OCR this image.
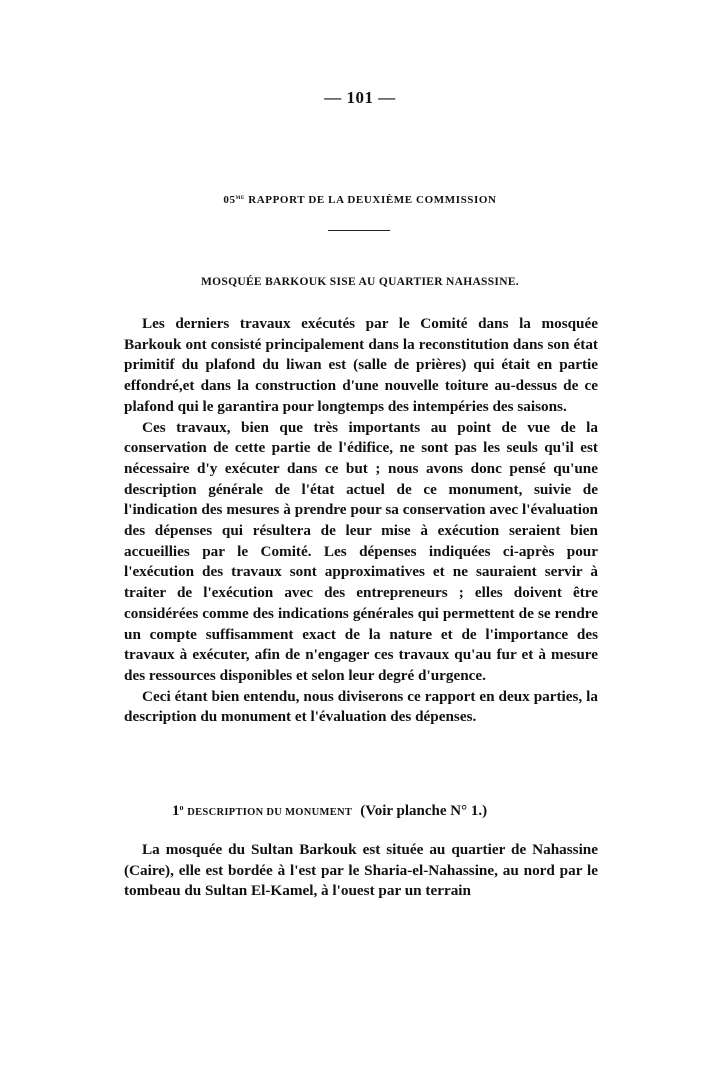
— 101 —
$05^{me}$ RAPPORT DE LA DEUXIÈME COMMISSION
MOSQUÉE BARKOUK SISE AU QUARTIER NAHASSINE.

Les derniers travaux exécutés par le Comité dans la mosquée Barkouk ont consisté principalement dans la reconstitution dans son état primitif du plafond du liwan est (salle de prières) qui était en partie effondré,et dans la construction d'une nouvelle toiture au-dessus de ce plafond qui le garantira pour longtemps des intempéries des saisons.

Ces travaux, bien que très importants au point de vue de la conservation de cette partie de l'édifice, ne sont pas les seuls qu'il est nécessaire d'y exécuter dans ce but ; nous avons donc pensé qu'une description générale de l'état actuel de ce monument, suivie de l'indication des mesures à prendre pour sa conservation avec l'évaluation des dépenses qui résultera de leur mise à exécution seraient bien accueillies par le Comité. Les dépenses indiquées ci-après pour l'exécution des travaux sont approximatives et ne sauraient servir à traiter de l'exécution avec des entrepreneurs ; elles doivent être considérées comme des indications générales qui permettent de se rendre un compte suffisamment exact de la nature et de l'importance des travaux à exécuter, afin de n'engager ces travaux qu'au fur et à mesure des ressources disponibles et selon leur degré d'urgence.

Ceci étant bien entendu, nous diviserons ce rapport en deux parties, la description du monument et l'évaluation des dépenses.

1$^o$ DESCRIPTION DU MONUMENT (Voir planche N° 1.)

La mosquée du Sultan Barkouk est située au quartier de Nahassine (Caire), elle est bordée à l'est par le Sharia-el-Nahassine, au nord par le tombeau du Sultan El-Kamel, à l'ouest par un terrain
